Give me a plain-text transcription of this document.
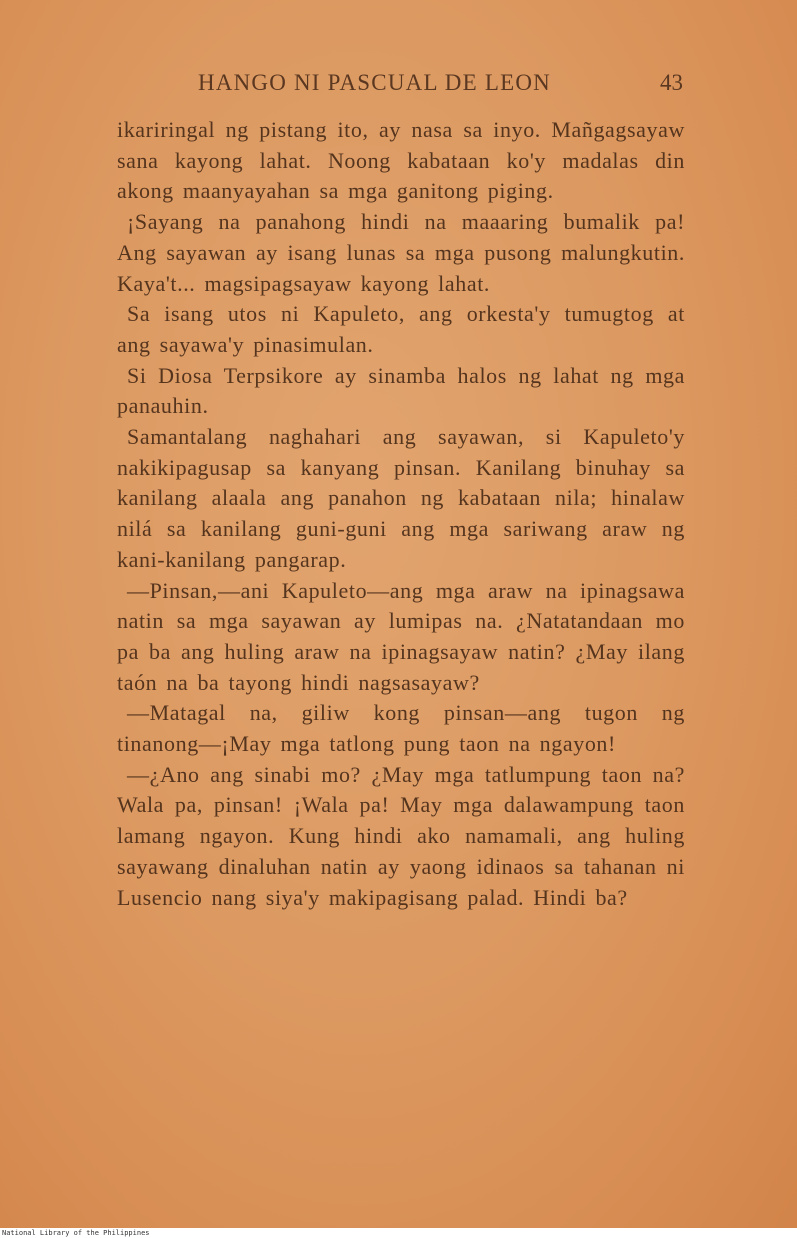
HANGO NI PASCUAL DE LEON	43

ikariringal ng pistang ito, ay nasa sa inyo. Mañgagsayaw sana kayong lahat. Noong kabataan ko'y madalas din akong maanyayahan sa mga ganitong piging.

¡Sayang na panahong hindi na maaaring bumalik pa! Ang sayawan ay isang lunas sa mga pusong malungkutin. Kaya't... magsipagsayaw kayong lahat.

Sa isang utos ni Kapuleto, ang orkesta'y tumugtog at ang sayawa'y pinasimulan.

Si Diosa Terpsikore ay sinamba halos ng lahat ng mga panauhin.

Samantalang naghahari ang sayawan, si Kapuleto'y nakikipagusap sa kanyang pinsan. Kanilang binuhay sa kanilang alaala ang panahon ng kabataan nila; hinalaw nilá sa kanilang guni-guni ang mga sariwang araw ng kani-kanilang pangarap.

—Pinsan,—ani Kapuleto—ang mga araw na ipinagsawa natin sa mga sayawan ay lumipas na. ¿Natatandaan mo pa ba ang huling araw na ipinagsayaw natin? ¿May ilang taón na ba tayong hindi nagsasayaw?

—Matagal na, giliw kong pinsan—ang tugon ng tinanong—¡May mga tatlong pung taon na ngayon!

—¿Ano ang sinabi mo? ¿May mga tatlumpung taon na? Wala pa, pinsan! ¡Wala pa! May mga dalawampung taon lamang ngayon. Kung hindi ako namamali, ang huling sayawang dinaluhan natin ay yaong idinaos sa tahanan ni Lusencio nang siya'y makipagisang palad. Hindi ba?

National Library of the Philippines
